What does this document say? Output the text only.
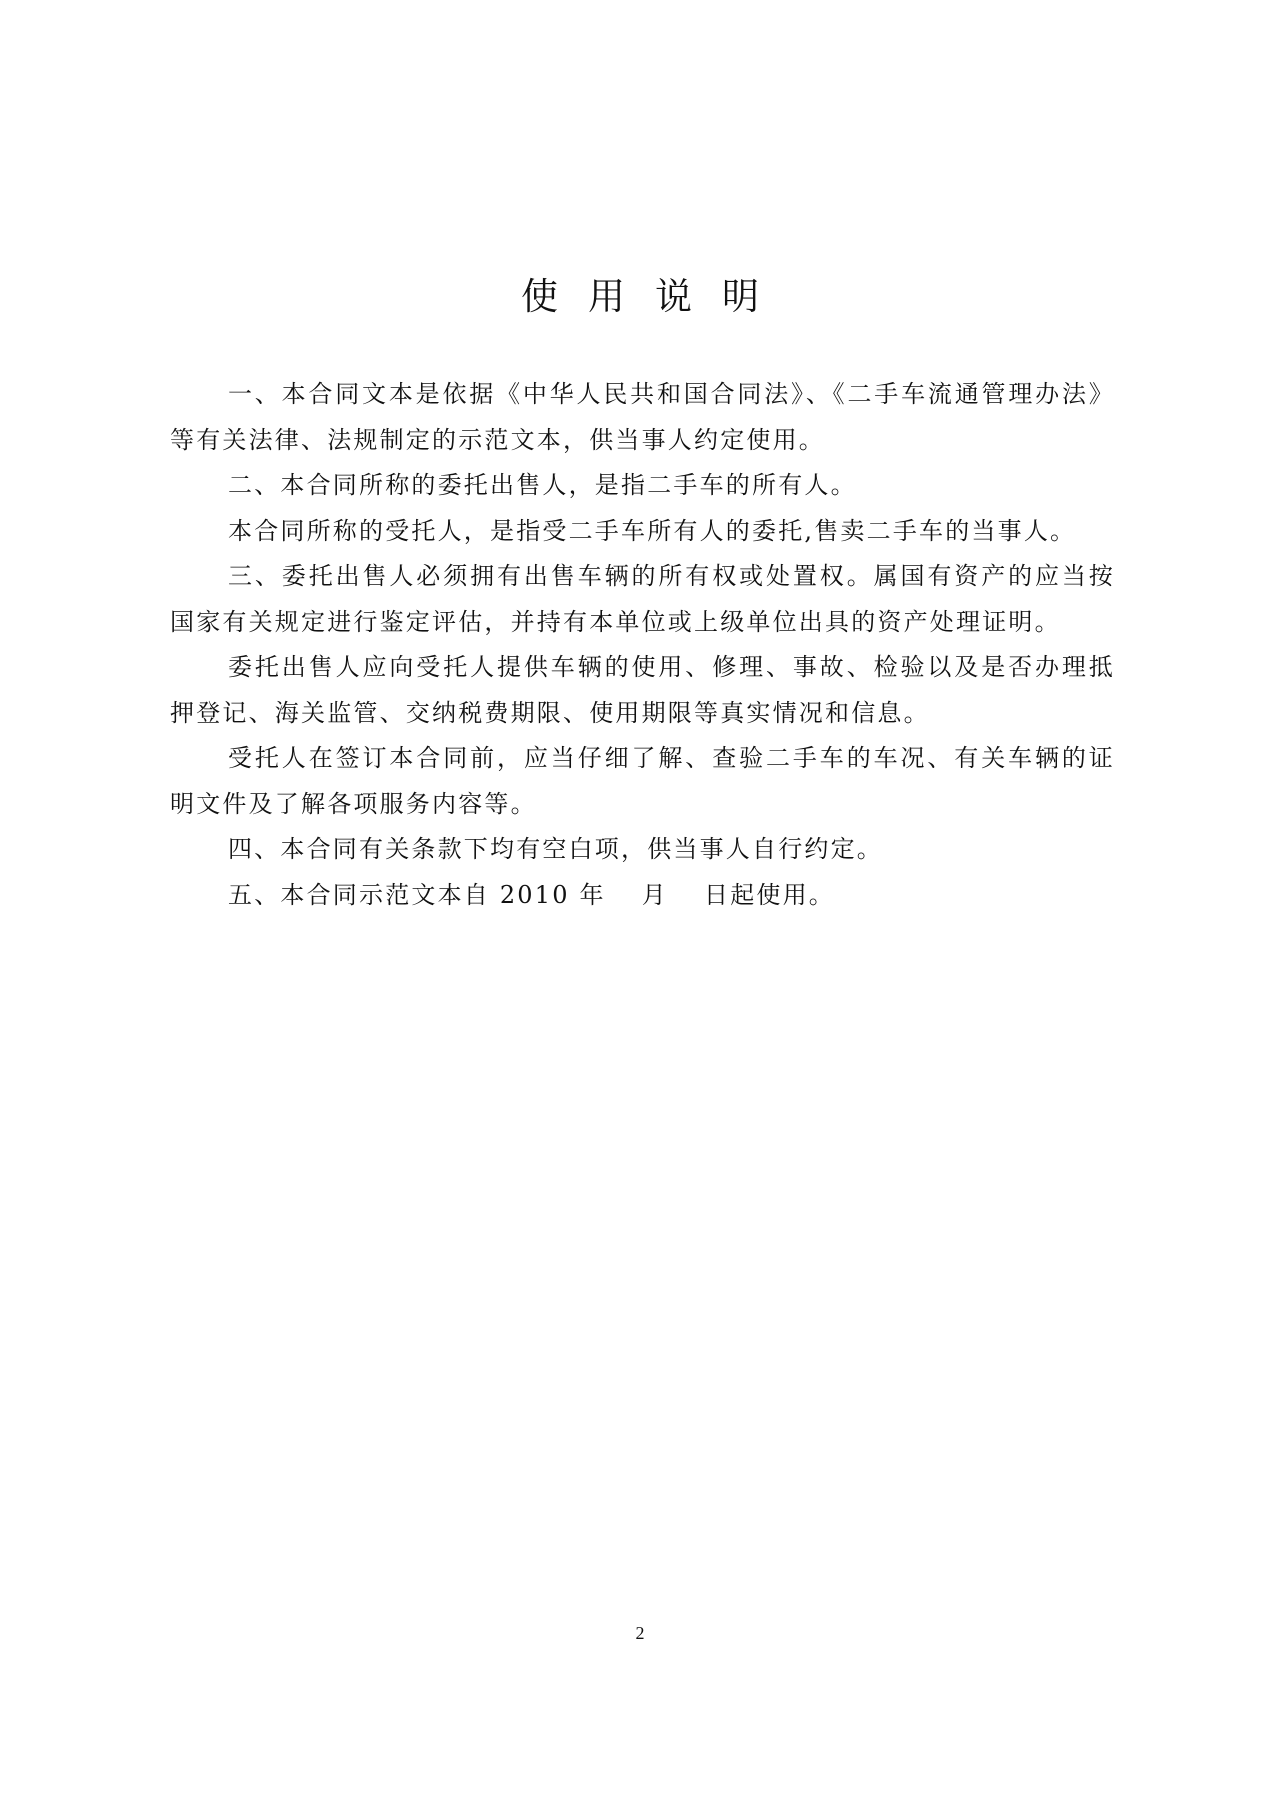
使用说明

一、本合同文本是依据《中华人民共和国合同法》、《二手车流通管理办法》等有关法律、法规制定的示范文本，供当事人约定使用。

二、本合同所称的委托出售人，是指二手车的所有人。

本合同所称的受托人，是指受二手车所有人的委托,售卖二手车的当事人。

三、委托出售人必须拥有出售车辆的所有权或处置权。属国有资产的应当按国家有关规定进行鉴定评估，并持有本单位或上级单位出具的资产处理证明。

委托出售人应向受托人提供车辆的使用、修理、事故、检验以及是否办理抵押登记、海关监管、交纳税费期限、使用期限等真实情况和信息。

受托人在签订本合同前，应当仔细了解、查验二手车的车况、有关车辆的证明文件及了解各项服务内容等。

四、本合同有关条款下均有空白项，供当事人自行约定。

五、本合同示范文本自 2010 年　 月　 日起使用。

2
